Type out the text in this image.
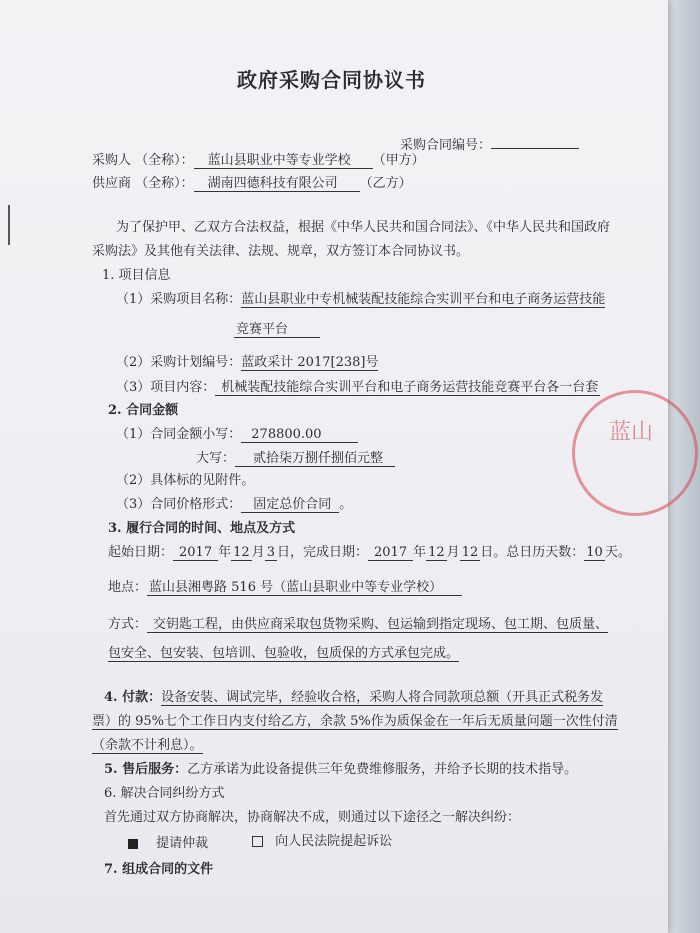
蓝山
政府采购合同协议书
采购合同编号：
采购人 （全称）： 蓝山县职业中等专业学校 （甲方）
供应商 （全称）： 湖南四德科技有限公司 （乙方）
为了保护甲、乙双方合法权益，根据《中华人民共和国合同法》、《中华人民共和国政府
采购法》及其他有关法律、法规、规章，双方签订本合同协议书。
1. 项目信息
（1）采购项目名称：蓝山县职业中专机械装配技能综合实训平台和电子商务运营技能
竞赛平台
（2）采购计划编号：蓝政采计 2017[238]号
（3）项目内容： 机械装配技能综合实训平台和电子商务运营技能竞赛平台各一台套
2. 合同金额
（1）合同金额小写： 278800.00
大写： 贰拾柒万捌仟捌佰元整
（2）具体标的见附件。
（3）合同价格形式： 固定总价合同 。
3. 履行合同的时间、地点及方式
起始日期： 2017 年 12 月 3 日，完成日期： 2017 年 12 月 12 日。总日历天数： 10 天。
地点： 蓝山县湘粤路 516 号（蓝山县职业中等专业学校）
方式： 交钥匙工程，由供应商采取包货物采购、包运输到指定现场、包工期、包质量、
包安全、包安装、包培训、包验收，包质保的方式承包完成。
4. 付款：设备安装、调试完毕，经验收合格，采购人将合同款项总额（开具正式税务发
票）的 95%七个工作日内支付给乙方，余款 5%作为质保金在一年后无质量问题一次性付清
（余款不计利息）。
5. 售后服务：乙方承诺为此设备提供三年免费维修服务，并给予长期的技术指导。
6. 解决合同纠纷方式
首先通过双方协商解决，协商解决不成，则通过以下途径之一解决纠纷：
提请仲裁	向人民法院提起诉讼
7. 组成合同的文件
